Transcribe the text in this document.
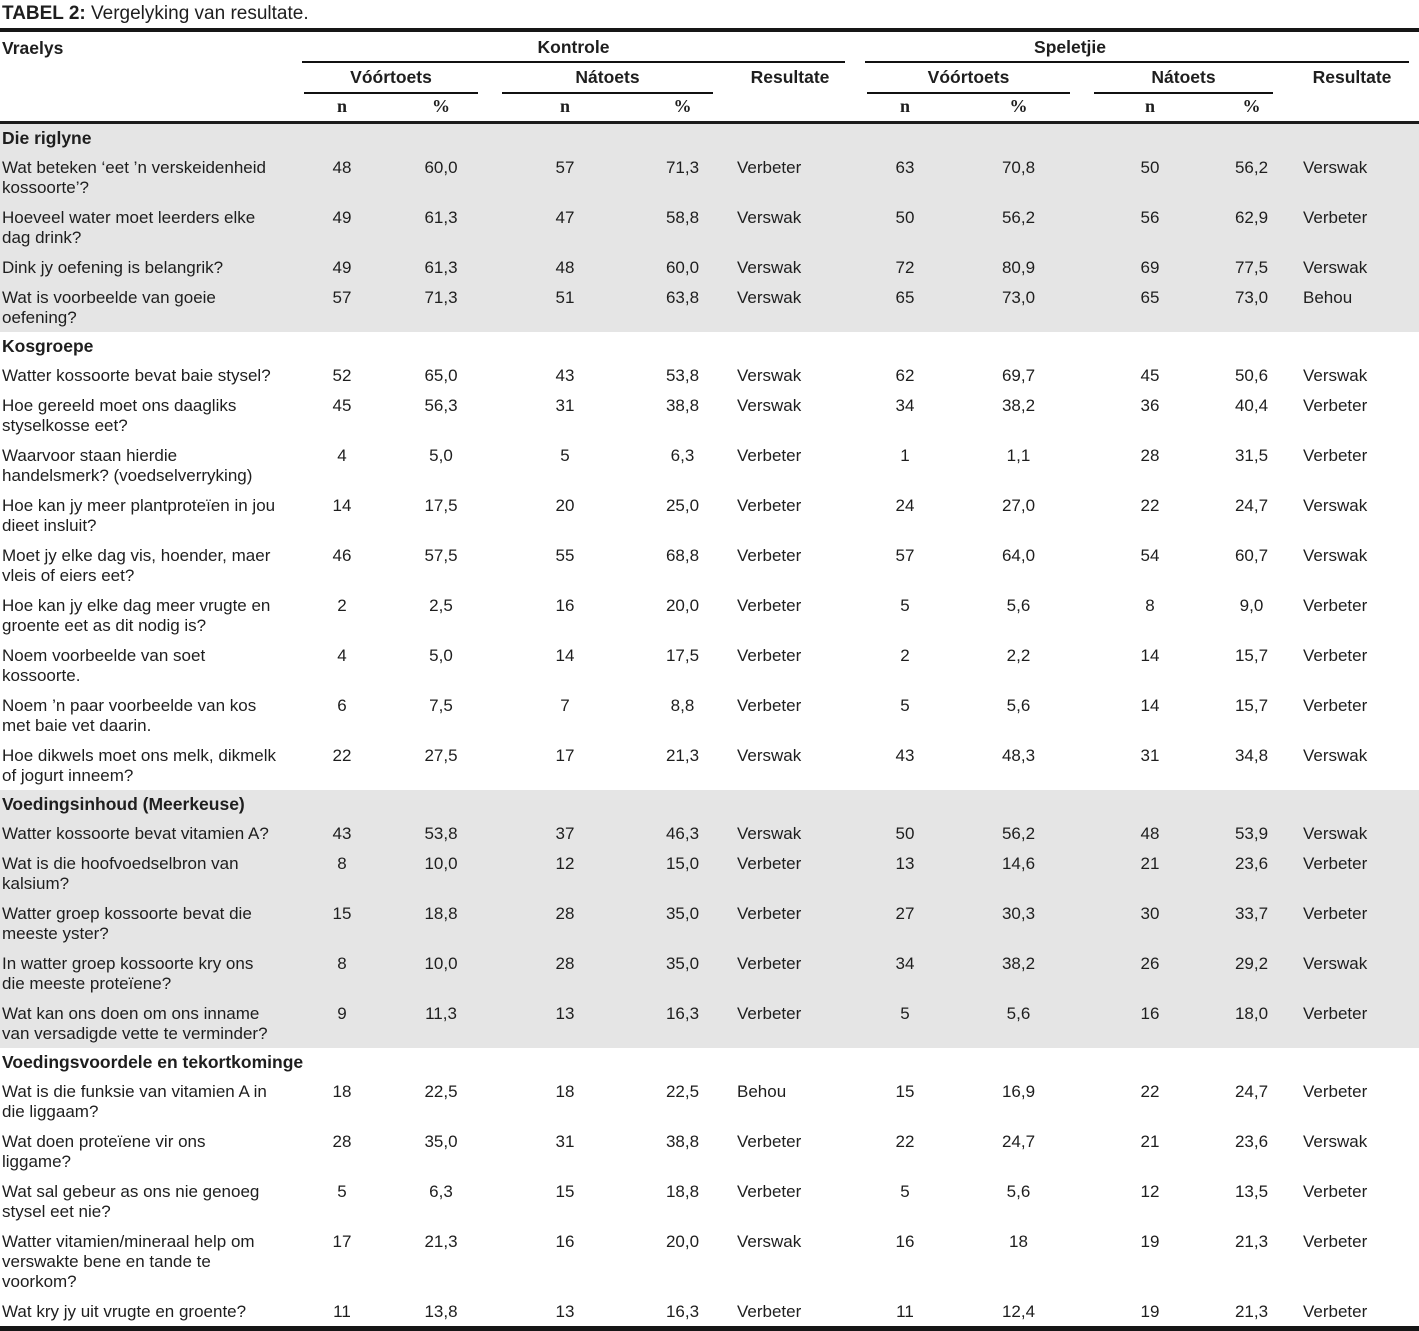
TABEL 2: Vergelyking van resultate.
Vraelys	Kontrole					Speletjie				

	Vóórtoets		Nátoets		Resultate	Vóórtoets		Nátoets		Resultate
	n	%	n	%		n	%	n	%	
Die riglyne										
Wat beteken ‘eet ’n verskeidenheid kossoorte’?	48	60,0	57	71,3	Verbeter	63	70,8	50	56,2	Verswak
Hoeveel water moet leerders elke dag drink?	49	61,3	47	58,8	Verswak	50	56,2	56	62,9	Verbeter
Dink jy oefening is belangrik?	49	61,3	48	60,0	Verswak	72	80,9	69	77,5	Verswak
Wat is voorbeelde van goeie oefening?	57	71,3	51	63,8	Verswak	65	73,0	65	73,0	Behou
Kosgroepe										
Watter kossoorte bevat baie stysel?	52	65,0	43	53,8	Verswak	62	69,7	45	50,6	Verswak
Hoe gereeld moet ons daagliks styselkosse eet?	45	56,3	31	38,8	Verswak	34	38,2	36	40,4	Verbeter
Waarvoor staan hierdie handelsmerk? (voedselverryking)	4	5,0	5	6,3	Verbeter	1	1,1	28	31,5	Verbeter
Hoe kan jy meer plantproteïen in jou dieet insluit?	14	17,5	20	25,0	Verbeter	24	27,0	22	24,7	Verswak
Moet jy elke dag vis, hoender, maer vleis of eiers eet?	46	57,5	55	68,8	Verbeter	57	64,0	54	60,7	Verswak
Hoe kan jy elke dag meer vrugte en groente eet as dit nodig is?	2	2,5	16	20,0	Verbeter	5	5,6	8	9,0	Verbeter
Noem voorbeelde van soet kossoorte.	4	5,0	14	17,5	Verbeter	2	2,2	14	15,7	Verbeter
Noem ’n paar voorbeelde van kos met baie vet daarin.	6	7,5	7	8,8	Verbeter	5	5,6	14	15,7	Verbeter
Hoe dikwels moet ons melk, dikmelk of jogurt inneem?	22	27,5	17	21,3	Verswak	43	48,3	31	34,8	Verswak
Voedingsinhoud (Meerkeuse)										
Watter kossoorte bevat vitamien A?	43	53,8	37	46,3	Verswak	50	56,2	48	53,9	Verswak
Wat is die hoofvoedselbron van kalsium?	8	10,0	12	15,0	Verbeter	13	14,6	21	23,6	Verbeter
Watter groep kossoorte bevat die meeste yster?	15	18,8	28	35,0	Verbeter	27	30,3	30	33,7	Verbeter
In watter groep kossoorte kry ons die meeste proteïene?	8	10,0	28	35,0	Verbeter	34	38,2	26	29,2	Verswak
Wat kan ons doen om ons inname van versadigde vette te verminder?	9	11,3	13	16,3	Verbeter	5	5,6	16	18,0	Verbeter
Voedingsvoordele en tekortkominge										
Wat is die funksie van vitamien A in die liggaam?	18	22,5	18	22,5	Behou	15	16,9	22	24,7	Verbeter
Wat doen proteïene vir ons liggame?	28	35,0	31	38,8	Verbeter	22	24,7	21	23,6	Verswak
Wat sal gebeur as ons nie genoeg stysel eet nie?	5	6,3	15	18,8	Verbeter	5	5,6	12	13,5	Verbeter
Watter vitamien/mineraal help om verswakte bene en tande te voorkom?	17	21,3	16	20,0	Verswak	16	18	19	21,3	Verbeter
Wat kry jy uit vrugte en groente?	11	13,8	13	16,3	Verbeter	11	12,4	19	21,3	Verbeter
